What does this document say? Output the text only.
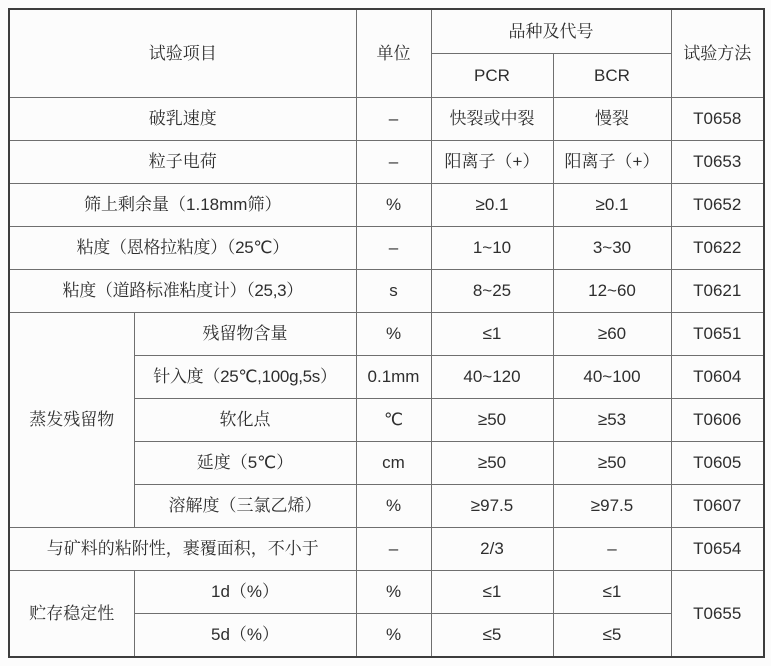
试验项目		单位	品种及代号		试验方法
			PCR	BCR	
破乳速度		–	快裂或中裂	慢裂	T0658
粒子电荷		–	阳离子（+）	阳离子（+）	T0653
筛上剩余量（1.18mm筛）		%	≥0.1	≥0.1	T0652
粘度（恩格拉粘度）（25℃）		–	1~10	3~30	T0622
粘度（道路标准粘度计）（25,3）		s	8~25	12~60	T0621
蒸发残留物	残留物含量	%	≤1	≥60	T0651
	针入度（25℃,100g,5s）	0.1mm	40~120	40~100	T0604
	软化点	℃	≥50	≥53	T0606
	延度（5℃）	cm	≥50	≥50	T0605
	溶解度（三氯乙烯）	%	≥97.5	≥97.5	T0607
与矿料的粘附性，裹覆面积，不小于		–	2/3	–	T0654
贮存稳定性	1d（%）	%	≤1	≤1	T0655
	5d（%）	%	≤5	≤5	
